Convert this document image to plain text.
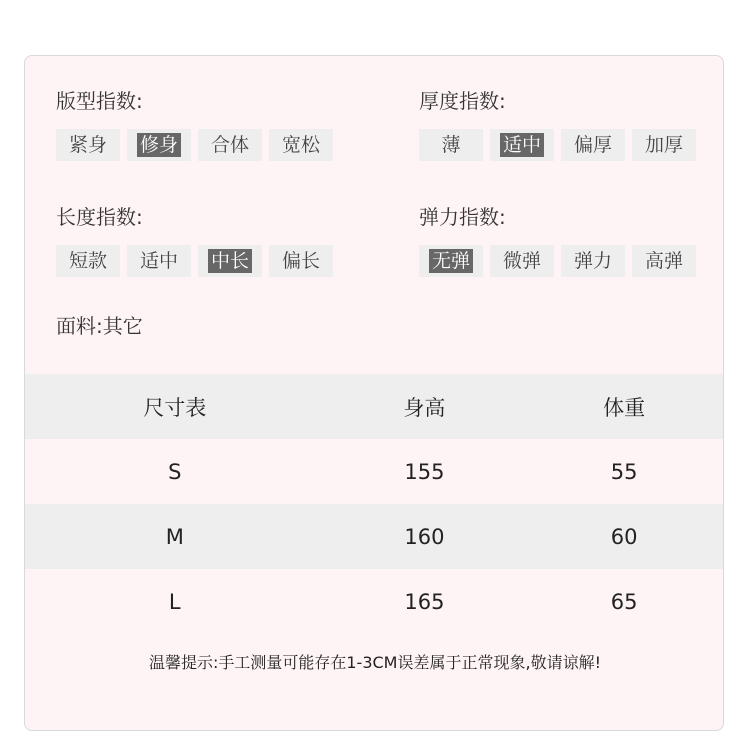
版型指数:
紧身 修身 合体 宽松
厚度指数:
薄 适中 偏厚 加厚
长度指数:
短款 适中 中长 偏长
弹力指数:
无弹 微弹 弹力 高弹
面料:其它
尺寸表	身高	体重
S	155	55
M	160	60
L	165	65
温馨提示:手工测量可能存在1-3CM误差属于正常现象,敬请谅解!
